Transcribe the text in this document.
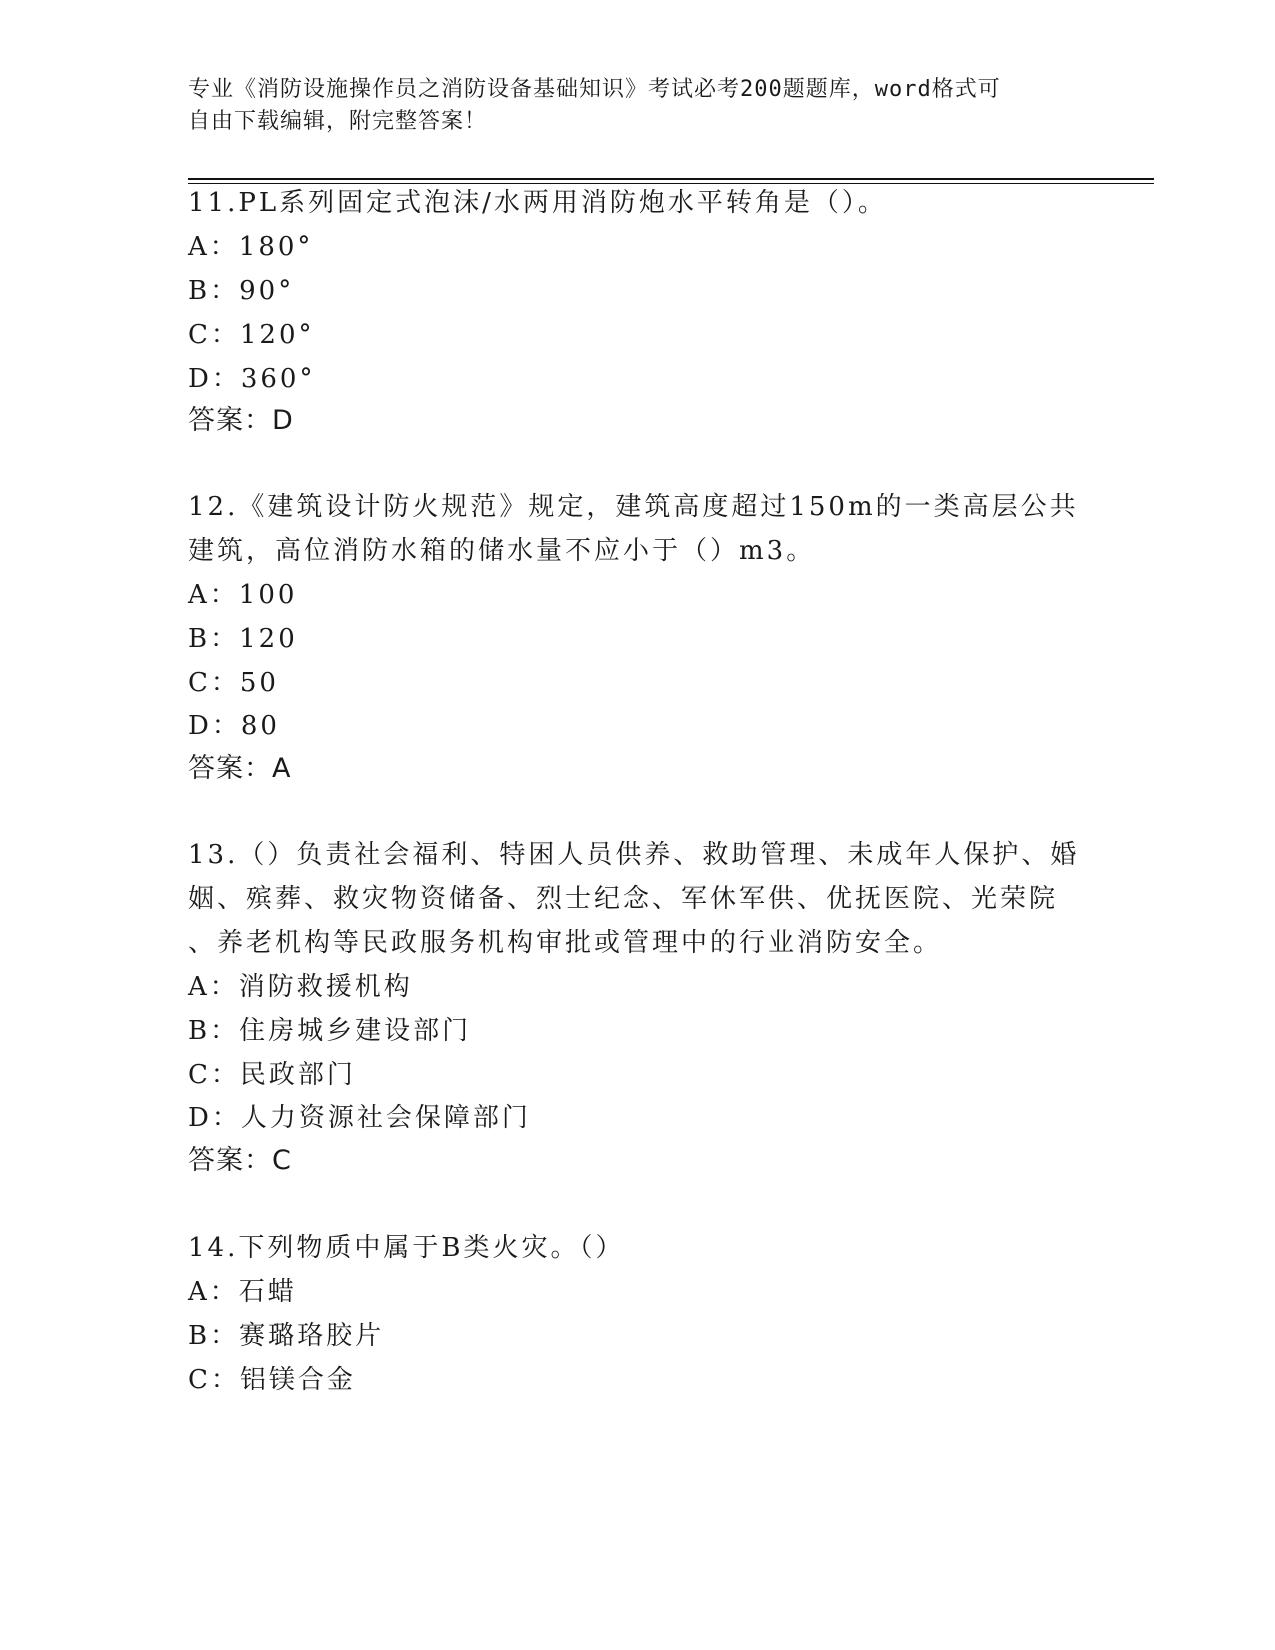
专业《消防设施操作员之消防设备基础知识》考试必考200题题库，word格式可
自由下载编辑，附完整答案！
11.PL系列固定式泡沫/水两用消防炮水平转角是（）。
A：180°
B：90°
C：120°
D：360°
答案：D
12.《建筑设计防火规范》规定，建筑高度超过150m的一类高层公共
建筑，高位消防水箱的储水量不应小于（）m3。
A：100
B：120
C：50
D：80
答案：A
13.（）负责社会福利、特困人员供养、救助管理、未成年人保护、婚
姻、殡葬、救灾物资储备、烈士纪念、军休军供、优抚医院、光荣院
、养老机构等民政服务机构审批或管理中的行业消防安全。
A：消防救援机构
B：住房城乡建设部门
C：民政部门
D：人力资源社会保障部门
答案：C
14.下列物质中属于B类火灾。（）
A：石蜡
B：赛璐珞胶片
C：铝镁合金
